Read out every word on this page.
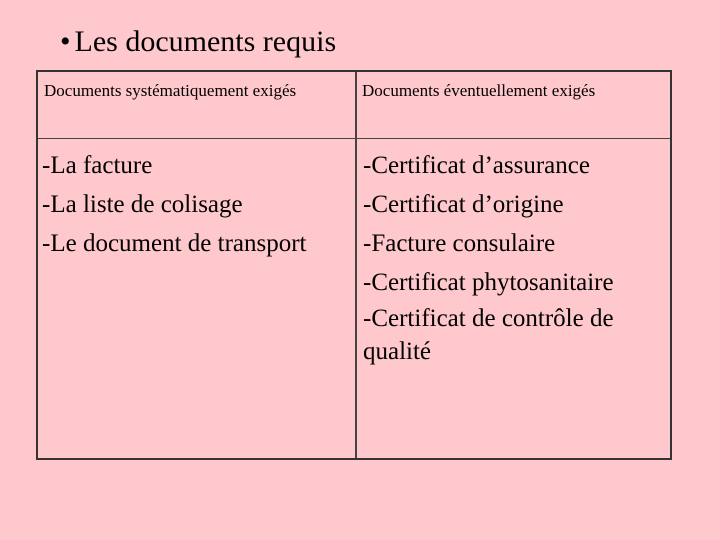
• Les documents requis
Documents systématiquement exigés	Documents éventuellement exigés
-La facture
-La liste de colisage
-Le document de transport
-Certificat d’assurance
-Certificat d’origine
-Facture consulaire
-Certificat phytosanitaire
-Certificat de contrôle de qualité
